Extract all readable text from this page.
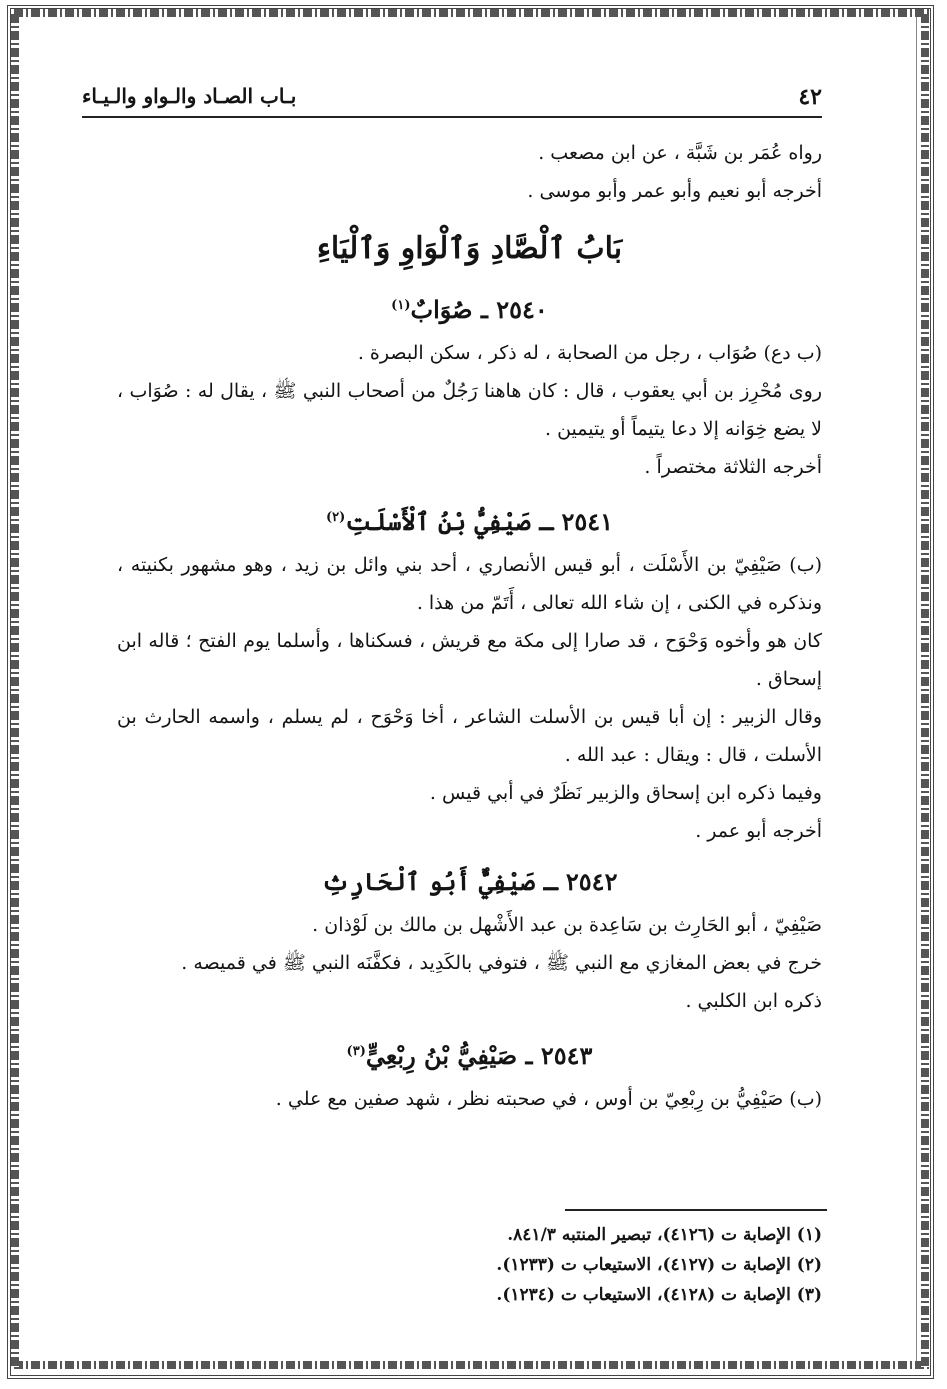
٤٢
بـاب الصـاد والـواو والـيـاء

رواه عُمَر بن شَبَّة ، عن ابن مصعب .

أخرجه أبو نعيم وأبو عمر وأبو موسى .

بَابُ ٱلْصَّادِ وَٱلْوَاوِ وَٱلْيَاءِ
٢٥٤٠ ـ صُوَابٌ$^{(١)}$

(ب دع) صُوَاب ، رجل من الصحابة ، له ذكر ، سكن البصرة .

روى مُحْرِز بن أبي يعقوب ، قال : كان هاهنا رَجُلٌ من أصحاب النبي ﷺ ، يقال له : صُوَاب ، لا يضع خِوَانه إلا دعا يتيماً أو يتيمين .

أخرجه الثلاثة مختصراً .

٢٥٤١ ـ صَيْفِيُّ بْنُ ٱلْأَسْلَتِ$^{(٢)}$

(ب) صَيْفِيّ بن الأَسْلَت ، أبو قيس الأنصاري ، أحد بني وائل بن زيد ، وهو مشهور بكنيته ، ونذكره في الكنى ، إن شاء الله تعالى ، أَتَمّ من هذا .

كان هو وأخوه وَحْوَح ، قد صارا إلى مكة مع قريش ، فسكناها ، وأسلما يوم الفتح ؛ قاله ابن إسحاق .

وقال الزبير : إن أبا قيس بن الأسلت الشاعر ، أخا وَحْوَح ، لم يسلم ، واسمه الحارث بن الأسلت ، قال : ويقال : عبد الله .

وفيما ذكره ابن إسحاق والزبير نَظَرٌ في أبي قيس .

أخرجه أبو عمر .

٢٥٤٢ ـ صَيْفِيٌّ أَبُو ٱلْحَارِثِ

صَيْفِيّ ، أبو الحَارِث بن سَاعِدة بن عبد الأَشْهل بن مالك بن لَوْذان .

خرج في بعض المغازي مع النبي ﷺ ، فتوفي بالكَدِيد ، فكفَّنَه النبي ﷺ في قميصه .

ذكره ابن الكلبي .

٢٥٤٣ ـ صَيْفِيُّ بْنُ رِبْعِيٍّ$^{(٣)}$

(ب) صَيْفِيُّ بن رِبْعِيّ بن أوس ، في صحبته نظر ، شهد صفين مع علي .

(١) الإصابة ت (٤١٢٦)، تبصير المنتبه ٨٤١/٣.

(٢) الإصابة ت (٤١٢٧)، الاستيعاب ت (١٢٣٣).

(٣) الإصابة ت (٤١٢٨)، الاستيعاب ت (١٢٣٤).
